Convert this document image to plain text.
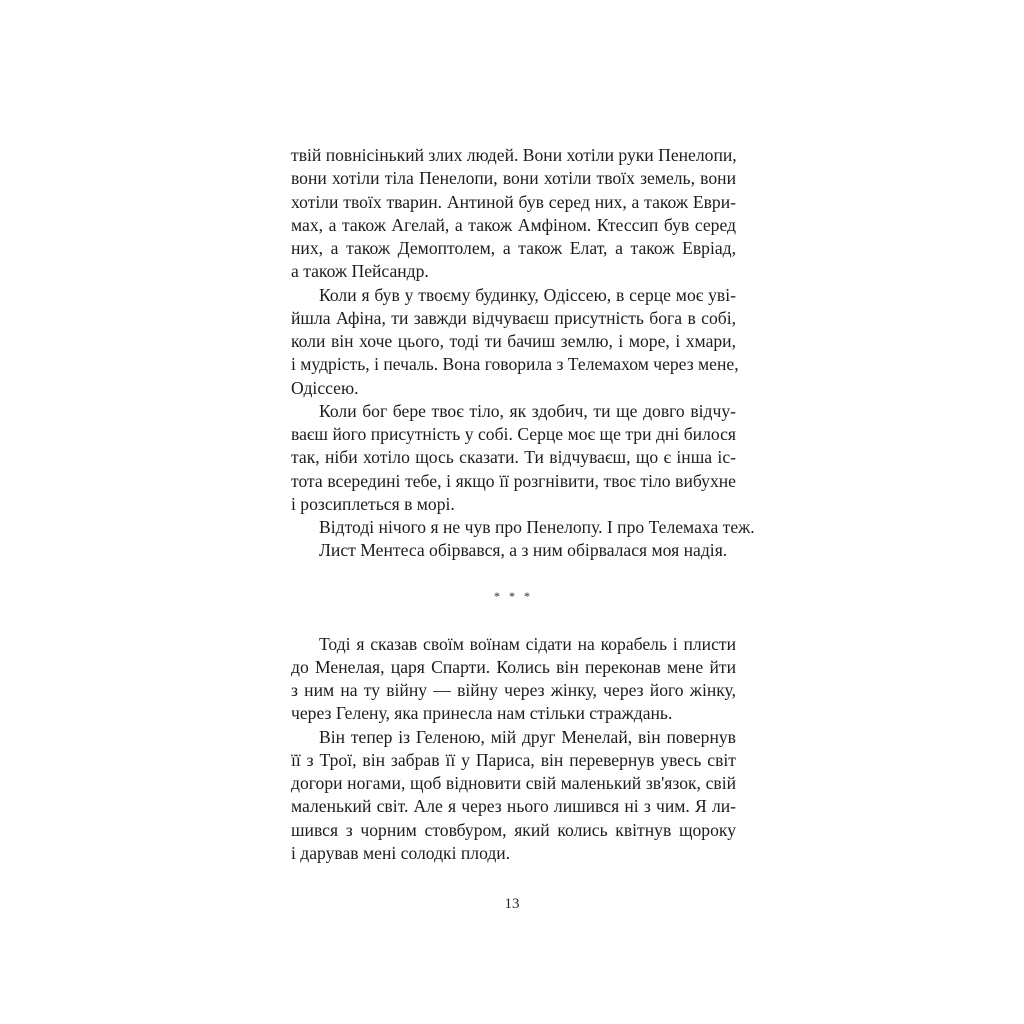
твій повнісінький злих людей. Вони хотіли руки Пенелопи,
вони хотіли тіла Пенелопи, вони хотіли твоїх земель, вони
хотіли твоїх тварин. Антиной був серед них, а також Еври-
мах, а також Агелай, а також Амфіном. Ктессип був серед
них, а також Демоптолем, а також Елат, а також Евріад,
а також Пейсандр.
Коли я був у твоєму будинку, Одіссею, в серце моє увi-
йшла Афіна, ти завжди відчуваєш присутність бога в собі,
коли він хоче цього, тоді ти бачиш землю, і море, і хмари,
і мудрість, і печаль. Вона говорила з Телемахом через мене,
Одіссею.
Коли бог бере твоє тіло, як здобич, ти ще довго відчу-
ваєш його присутність у собі. Серце моє ще три дні билося
так, ніби хотіло щось сказати. Ти відчуваєш, що є інша іс-
тота всередині тебе, і якщо її розгнівити, твоє тіло вибухне
і розсиплеться в морі.
Відтоді нічого я не чув про Пенелопу. І про Телемаха теж.
Лист Ментеса обірвався, а з ним обірвалася моя надія.
* * *
Тоді я сказав своїм воїнам сідати на корабель і плисти
до Менелая, царя Спарти. Колись він переконав мене йти
з ним на ту війну — війну через жінку, через його жінку,
через Гелену, яка принесла нам стільки страждань.
Він тепер із Геленою, мій друг Менелай, він повернув
її з Трої, він забрав її у Париса, він перевернув увесь світ
догори ногами, щоб відновити свій маленький зв'язок, свій
маленький світ. Але я через нього лишився ні з чим. Я ли-
шився з чорним стовбуром, який колись квітнув щороку
і дарував мені солодкі плоди.
13
